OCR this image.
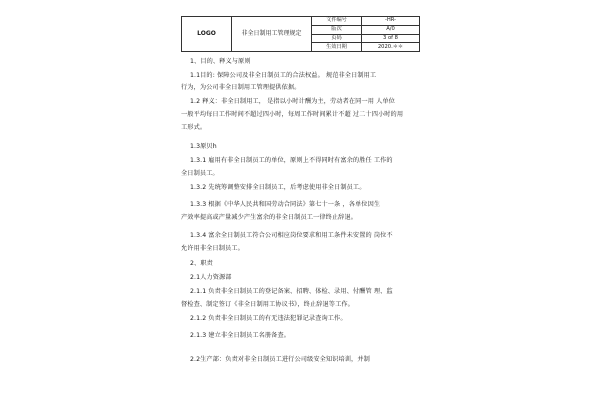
LOGO	非全日制用工管理规定	文件编号	-HR-
		版次	A/0
		页码	3 of 8
		生效日期	2020.＊＊
1、目的、释义与原则
1.1目的: 保障公司及非全日制员工的合法权益。 规范非全日制用工
行为，为公司非全日制用工管理提供依据。
1.2 释义：非全日制用工， 是指以小时计酬为主，劳动者在同一用 人单位
一般平均每日工作时间不超过四小时，每周工作时间累计不超 过二十四小时的用
工形式。
1.3原贝h
1.3.1 雇用有非全日制员工的单位，原则上不得同时有富余的胜任 工作的
全日制员工。
1.3.2 先统筹调整安排全日制员工，后考虑使用非全日制员工。
1.3.3 根据《中华人民共和国劳动合同法》第七十一条 ，各单位因生
产效率提高或产量减少产生富余的非全日制员工一律终止辞退。
1.3.4 富余全日制员工符合公司相应岗位要求和用工条件未安置的 岗位不
允许用非全日制员工。
2、职责
2.1人力资源部
2.1.1 负责非全日制员工的登记备案、招聘、体检、录用、付酬管 理、监
督检查、制定签订《非全日制用工协议书》，终止辞退等工作。
2.1.2 负责非全日制员工的有无违法犯罪记录查询工作。
2.1.3 建立非全日制员工名册备查。
2.2生产部：负责对非全日制员工进行公司级安全知识培训，并制
